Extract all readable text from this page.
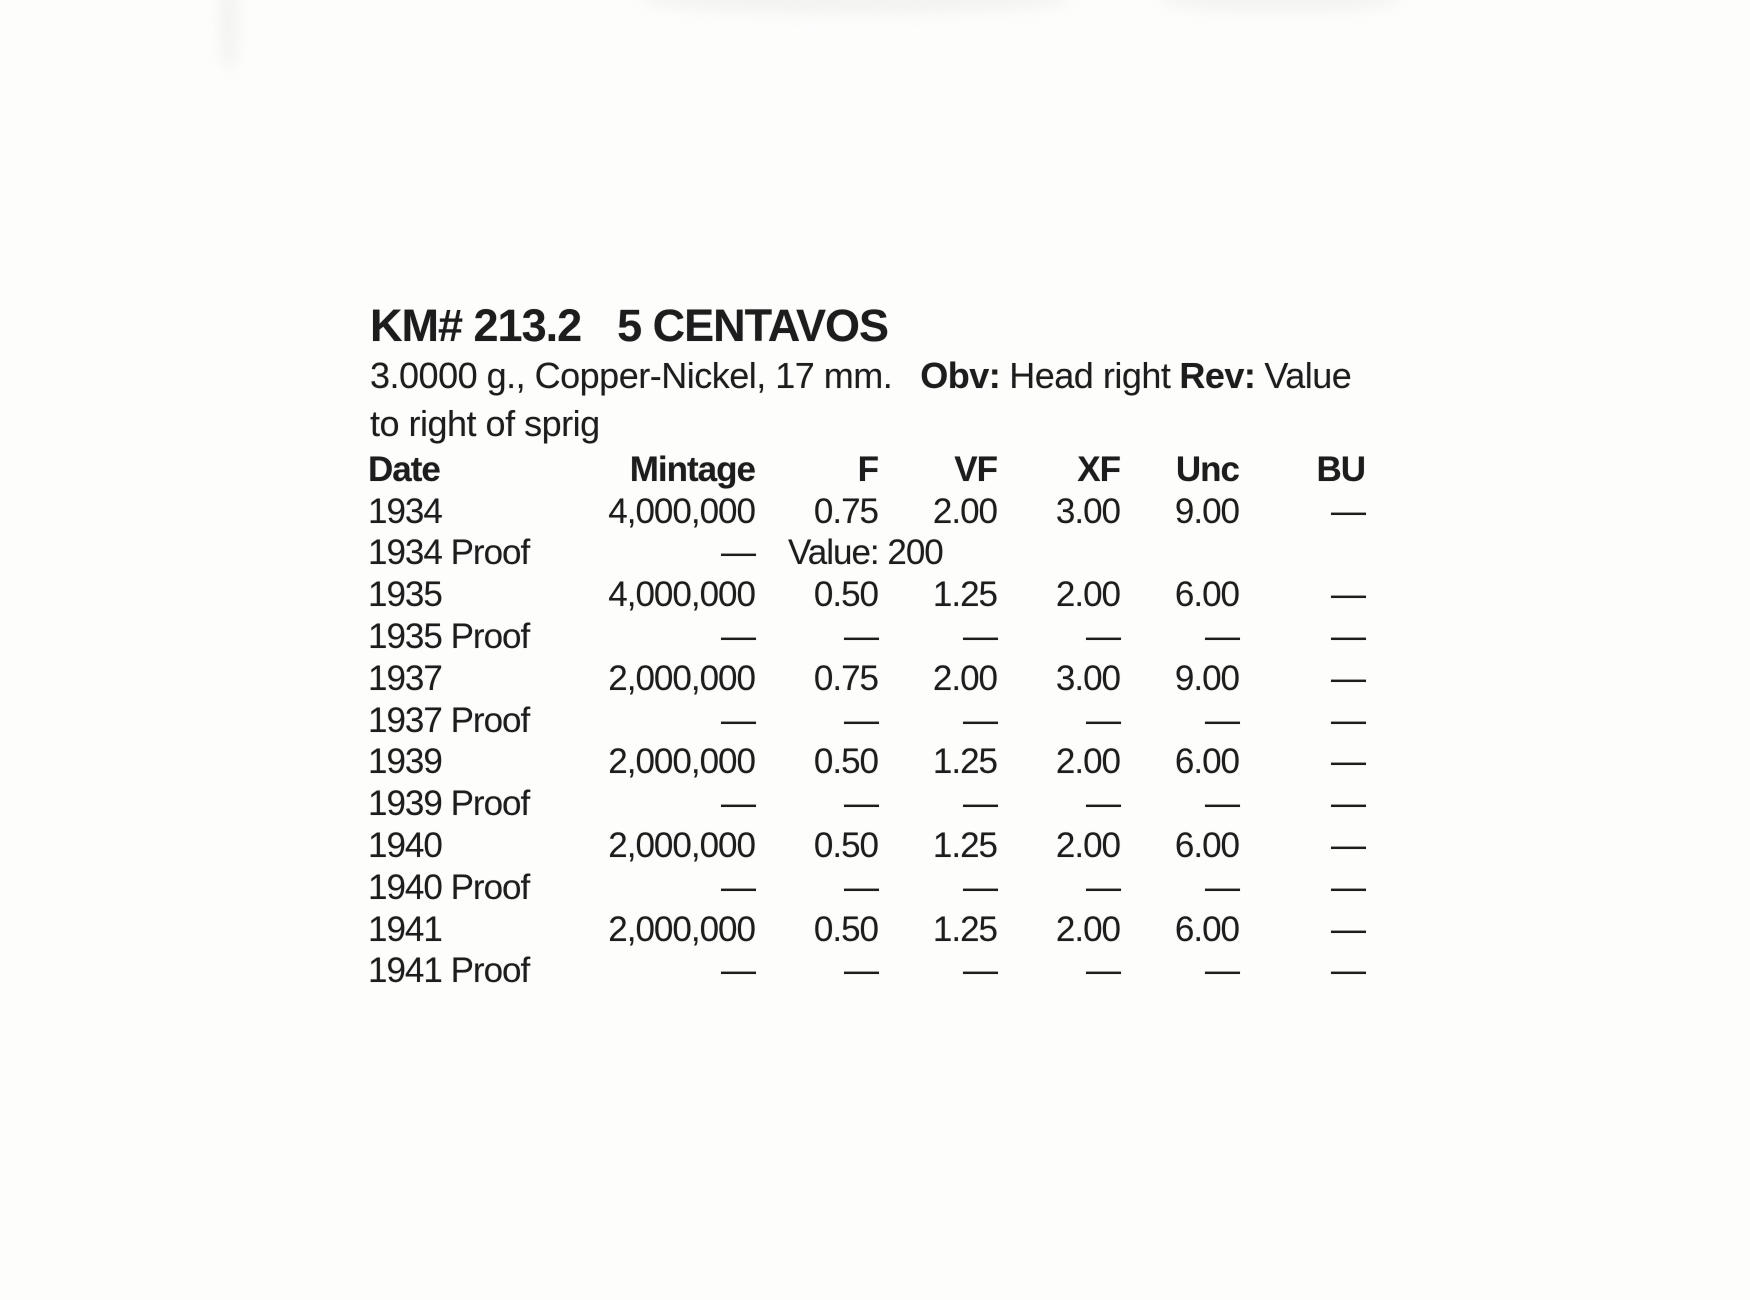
KM# 213.2 5 CENTAVOS
3.0000 g., Copper-Nickel, 17 mm. Obv: Head right Rev: Value
to right of sprig
Date	Mintage	F	VF	XF	Unc	BU
1934	4,000,000	0.75	2.00	3.00	9.00	—
1934 Proof	— Value: 200
1935	4,000,000	0.50	1.25	2.00	6.00	—
1935 Proof	—	—	—	—	—	—
1937	2,000,000	0.75	2.00	3.00	9.00	—
1937 Proof	—	—	—	—	—	—
1939	2,000,000	0.50	1.25	2.00	6.00	—
1939 Proof	—	—	—	—	—	—
1940	2,000,000	0.50	1.25	2.00	6.00	—
1940 Proof	—	—	—	—	—	—
1941	2,000,000	0.50	1.25	2.00	6.00	—
1941 Proof	—	—	—	—	—	—
